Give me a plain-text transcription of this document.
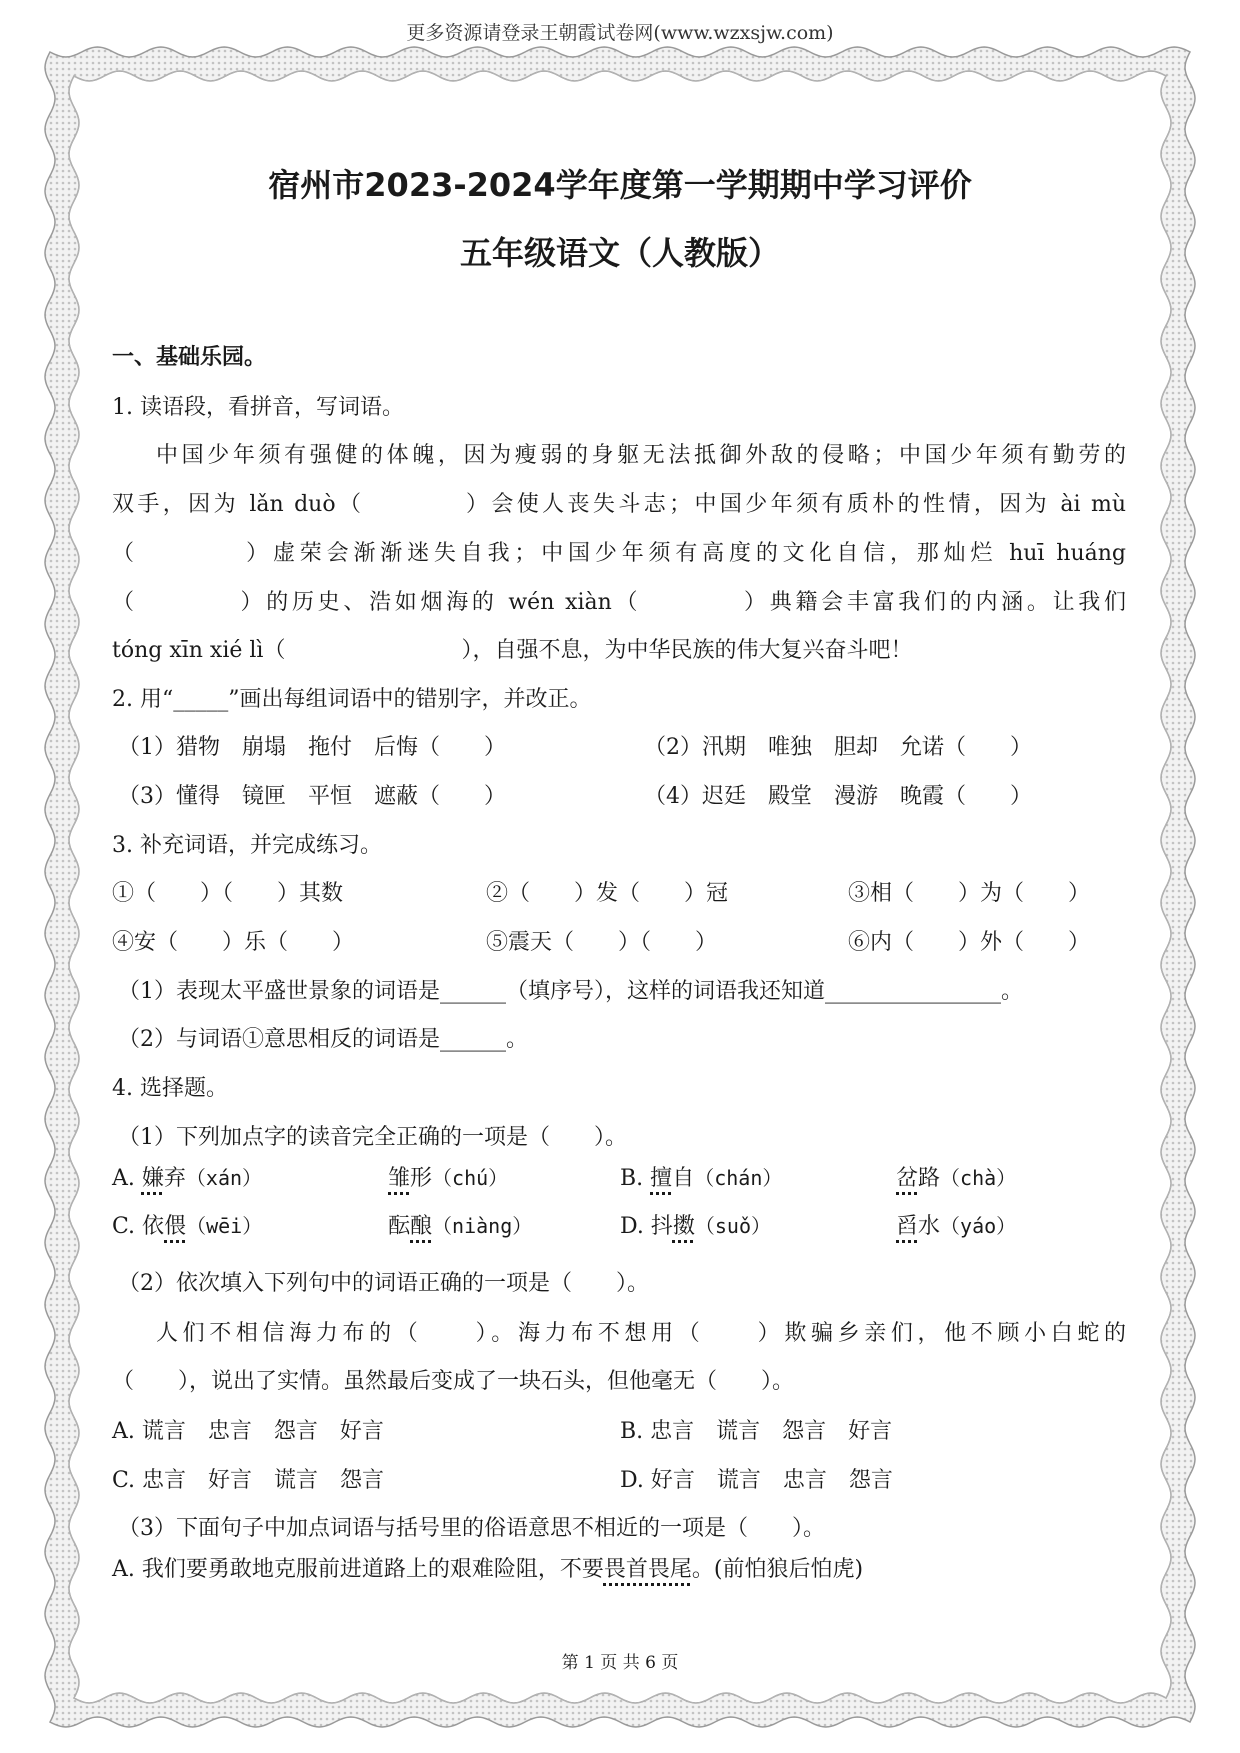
更多资源请登录王朝霞试卷网(www.wzxsjw.com)
宿州市2023-2024学年度第一学期期中学习评价
五年级语文（人教版）
一、基础乐园。
1. 读语段，看拼音，写词语。
中国少年须有强健的体魄，因为瘦弱的身躯无法抵御外敌的侵略；中国少年须有勤劳的
双手，因为 lǎn duò（　　　　）会使人丧失斗志；中国少年须有质朴的性情，因为 ài mù
（　　　　）虚荣会渐渐迷失自我；中国少年须有高度的文化自信，那灿烂 huī huáng
（　　　　）的历史、浩如烟海的 wén xiàn（　　　　）典籍会丰富我们的内涵。让我们
tóng xīn xié lì（　　　　　　　　），自强不息，为中华民族的伟大复兴奋斗吧！
2. 用“_____”画出每组词语中的错别字，并改正。
（1）猎物　崩塌　拖付　后悔（　　）	（2）汛期　唯独　胆却　允诺（　　）
（3）懂得　镜匣　平恒　遮蔽（　　）	（4）迟廷　殿堂　漫游　晚霞（　　）
3. 补充词语，并完成练习。
①（　　）（　　）其数	②（　　）发（　　）冠	③相（　　）为（　　）
④安（　　）乐（　　）	⑤震天（　　）（　　）	⑥内（　　）外（　　）
（1）表现太平盛世景象的词语是______（填序号），这样的词语我还知道________________。
（2）与词语①意思相反的词语是______。
4. 选择题。
（1）下列加点字的读音完全正确的一项是（　　）。
A. 嫌弃（xán）	雏形（chú）	B. 擅自（chán）	岔路（chà）
C. 依偎（wēi）	酝酿（niàng）	D. 抖擞（suǒ）	舀水（yáo）
（2）依次填入下列句中的词语正确的一项是（　　）。
人们不相信海力布的（　　）。海力布不想用（　　）欺骗乡亲们，他不顾小白蛇的
（　　），说出了实情。虽然最后变成了一块石头，但他毫无（　　）。
A. 谎言　忠言　怨言　好言	B. 忠言　谎言　怨言　好言
C. 忠言　好言　谎言　怨言	D. 好言　谎言　忠言　怨言
（3）下面句子中加点词语与括号里的俗语意思不相近的一项是（　　）。
A. 我们要勇敢地克服前进道路上的艰难险阻，不要畏首畏尾。(前怕狼后怕虎)
第 1 页 共 6 页
